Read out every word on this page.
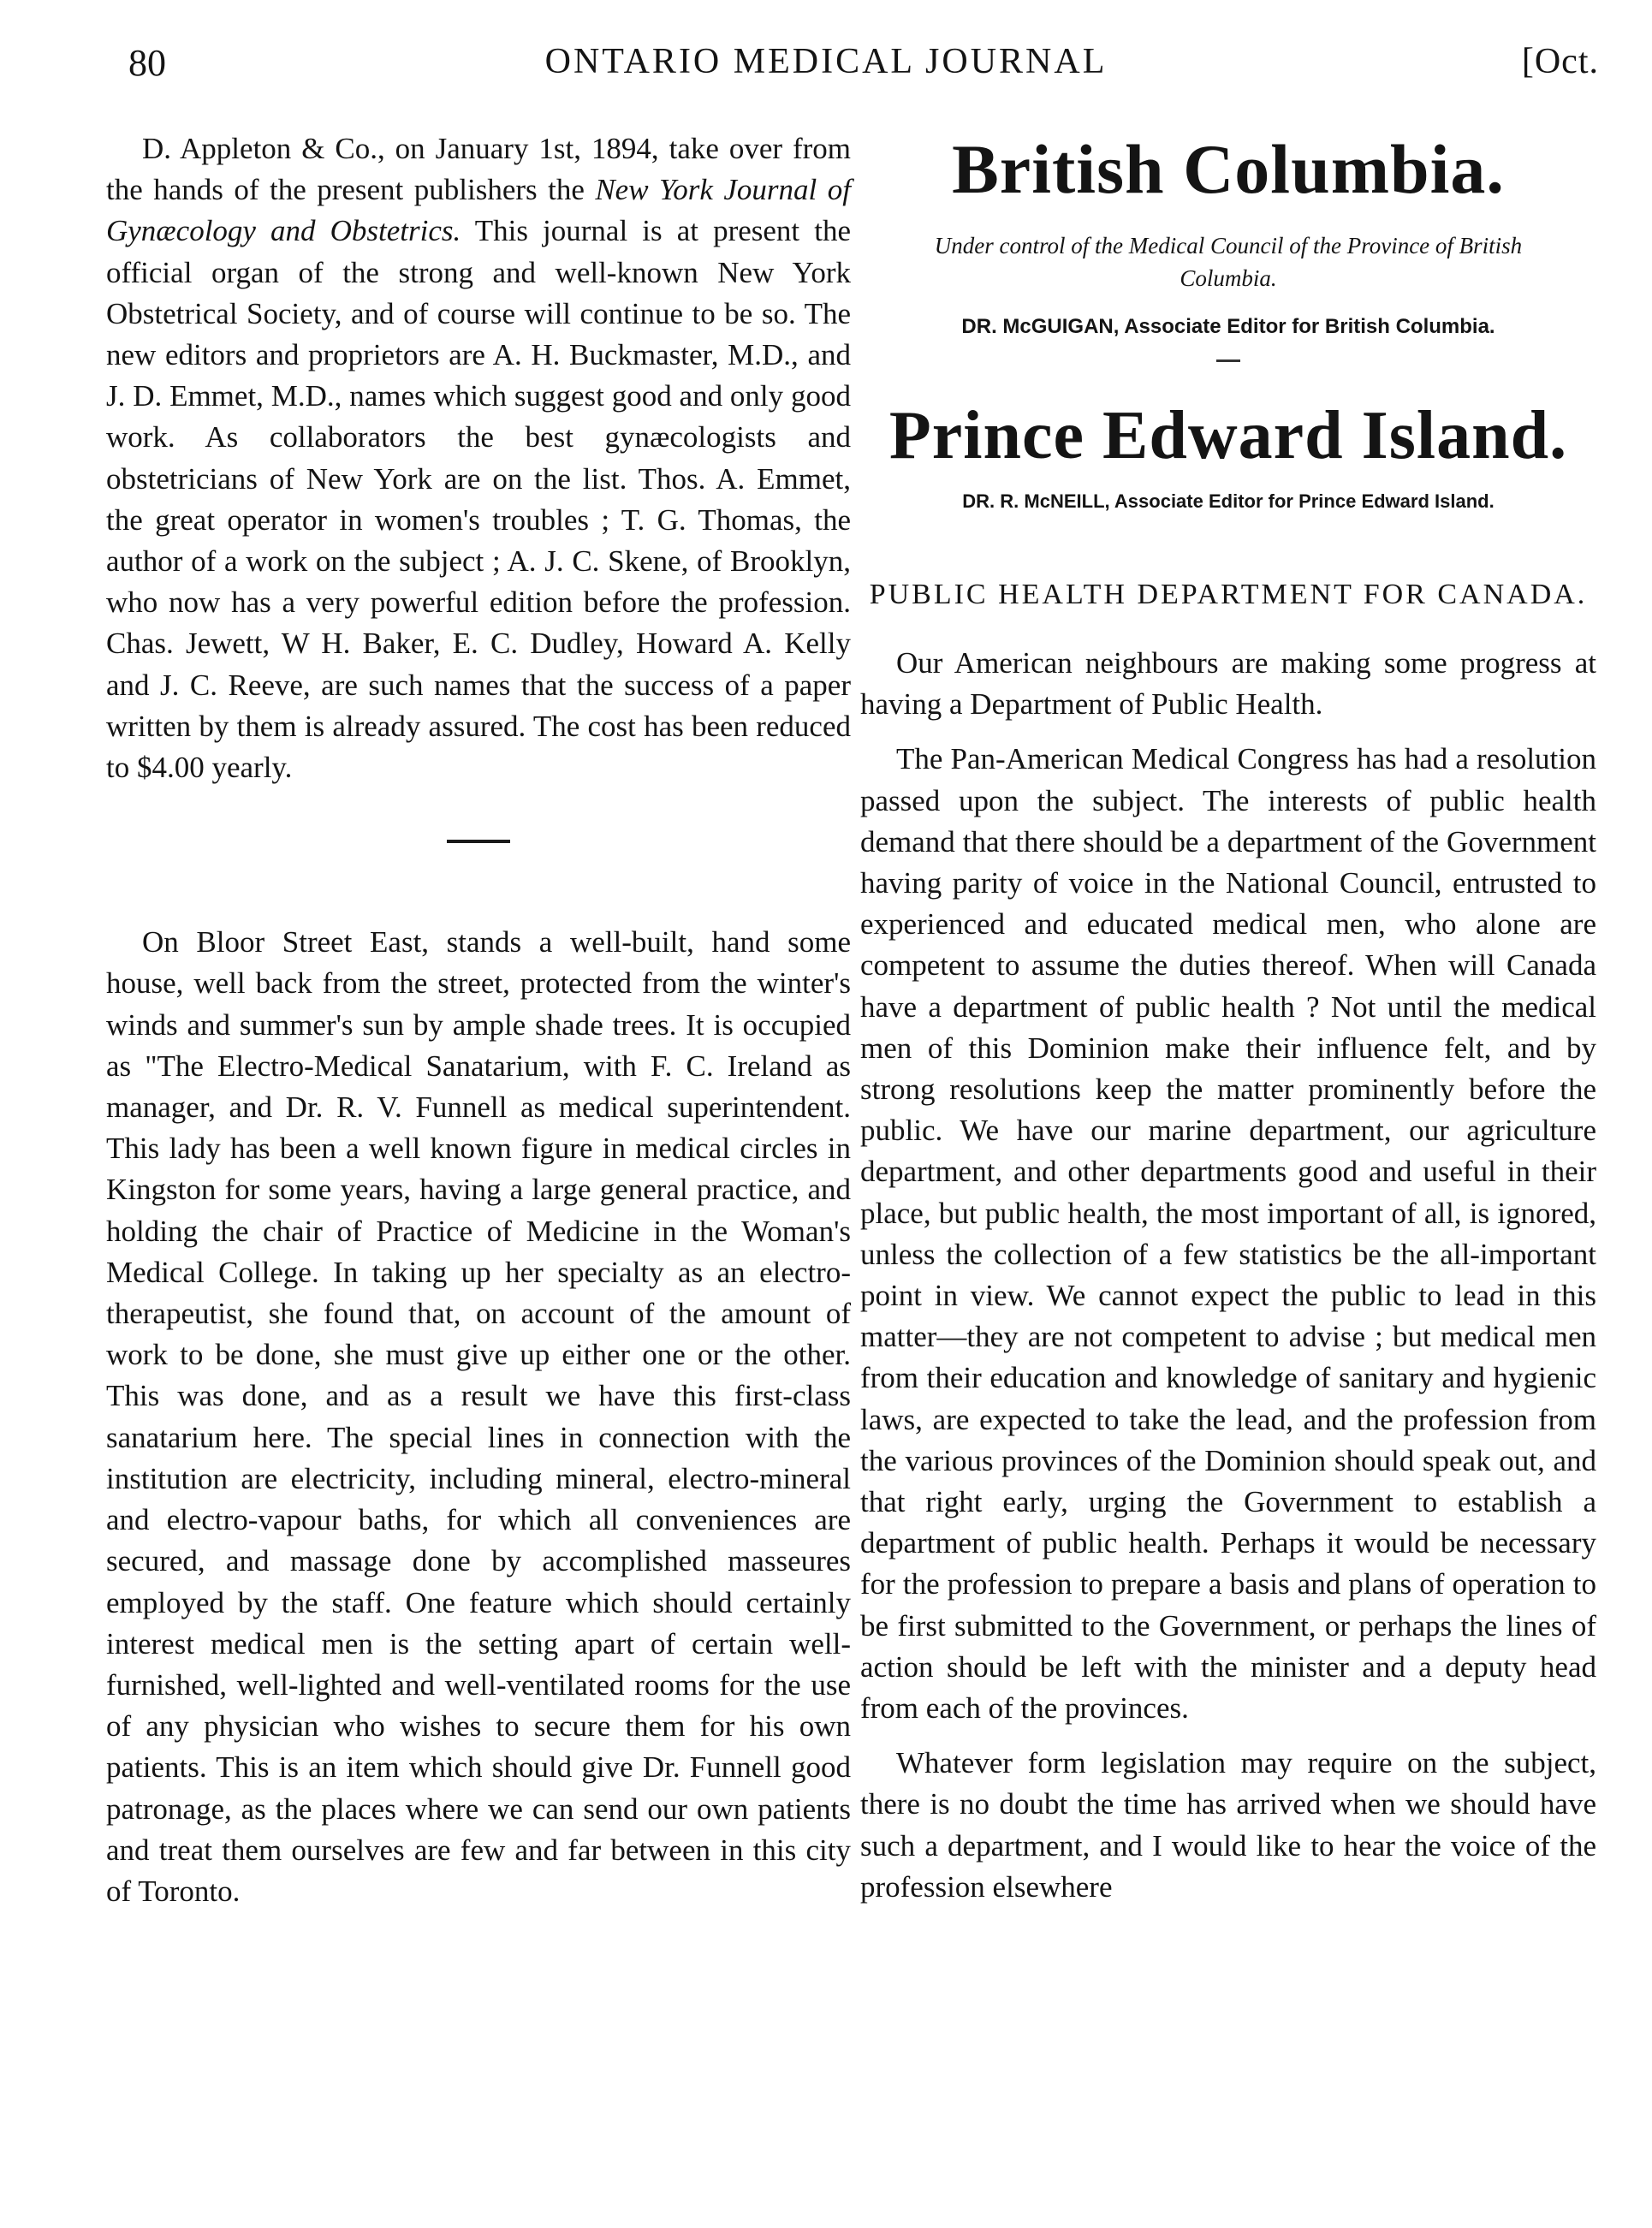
80	ONTARIO MEDICAL JOURNAL	[Oct.

D. Appleton & Co., on January 1st, 1894, take over from the hands of the present publishers the New York Journal of Gynæcology and Obstetrics. This journal is at present the official organ of the strong and well-known New York Obstetrical Society, and of course will continue to be so. The new editors and proprietors are A. H. Buckmaster, M.D., and J. D. Emmet, M.D., names which suggest good and only good work. As collaborators the best gynæcologists and obstetricians of New York are on the list. Thos. A. Emmet, the great operator in women's troubles ; T. G. Thomas, the author of a work on the subject ; A. J. C. Skene, of Brooklyn, who now has a very powerful edition before the profession. Chas. Jewett, W H. Baker, E. C. Dudley, Howard A. Kelly and J. C. Reeve, are such names that the success of a paper written by them is already assured. The cost has been reduced to $4.00 yearly.

On Bloor Street East, stands a well-built, hand some house, well back from the street, protected from the winter's winds and summer's sun by ample shade trees. It is occupied as "The Electro-Medical Sanatarium, with F. C. Ireland as manager, and Dr. R. V. Funnell as medical superintendent. This lady has been a well known figure in medical circles in Kingston for some years, having a large general practice, and holding the chair of Practice of Medicine in the Woman's Medical College. In taking up her specialty as an electro-therapeutist, she found that, on account of the amount of work to be done, she must give up either one or the other. This was done, and as a result we have this first-class sanatarium here. The special lines in connection with the institution are electricity, including mineral, electro-mineral and electro-vapour baths, for which all conveniences are secured, and massage done by accomplished masseures employed by the staff. One feature which should certainly interest medical men is the setting apart of certain well-furnished, well-lighted and well-ventilated rooms for the use of any physician who wishes to secure them for his own patients. This is an item which should give Dr. Funnell good patronage, as the places where we can send our own patients and treat them ourselves are few and far between in this city of Toronto.

British Columbia.
Under control of the Medical Council of the Province of British Columbia.

DR. McGUIGAN, Associate Editor for British Columbia.

Prince Edward Island.

DR. R. McNEILL, Associate Editor for Prince Edward Island.

PUBLIC HEALTH DEPARTMENT FOR CANADA.

Our American neighbours are making some progress at having a Department of Public Health.

The Pan-American Medical Congress has had a resolution passed upon the subject. The interests of public health demand that there should be a department of the Government having parity of voice in the National Council, entrusted to experienced and educated medical men, who alone are competent to assume the duties thereof. When will Canada have a department of public health ? Not until the medical men of this Dominion make their influence felt, and by strong resolutions keep the matter prominently before the public. We have our marine department, our agriculture department, and other departments good and useful in their place, but public health, the most important of all, is ignored, unless the collection of a few statistics be the all-important point in view. We cannot expect the public to lead in this matter—they are not competent to advise ; but medical men from their education and knowledge of sanitary and hygienic laws, are expected to take the lead, and the profession from the various provinces of the Dominion should speak out, and that right early, urging the Government to establish a department of public health. Perhaps it would be necessary for the profession to prepare a basis and plans of operation to be first submitted to the Government, or perhaps the lines of action should be left with the minister and a deputy head from each of the provinces.

Whatever form legislation may require on the subject, there is no doubt the time has arrived when we should have such a department, and I would like to hear the voice of the profession elsewhere
